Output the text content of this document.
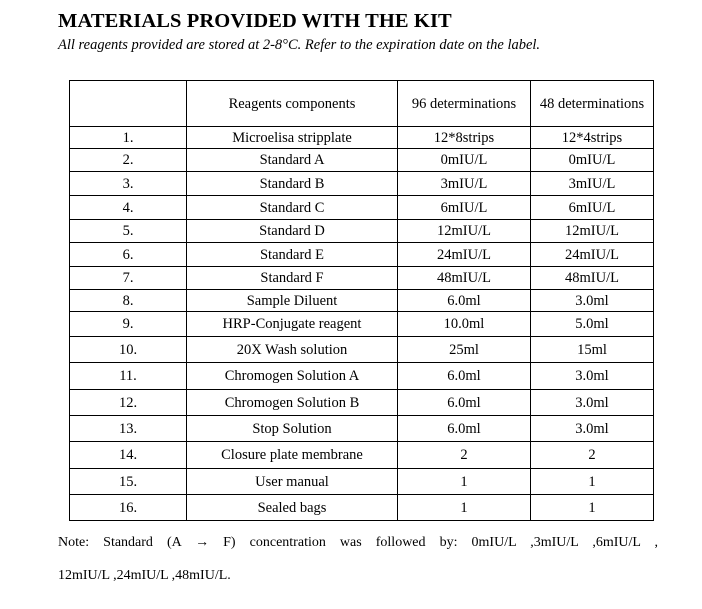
MATERIALS PROVIDED WITH THE KIT

All reagents provided are stored at 2-8°C. Refer to the expiration date on the label.

	Reagents components	96 determinations	48 determinations
1.	Microelisa stripplate	12*8strips	12*4strips
2.	Standard A	0mIU/L	0mIU/L
3.	Standard B	3mIU/L	3mIU/L
4.	Standard C	6mIU/L	6mIU/L
5.	Standard D	12mIU/L	12mIU/L
6.	Standard E	24mIU/L	24mIU/L
7.	Standard F	48mIU/L	48mIU/L
8.	Sample Diluent	6.0ml	3.0ml
9.	HRP-Conjugate reagent	10.0ml	5.0ml
10.	20X Wash solution	25ml	15ml
11.	Chromogen Solution A	6.0ml	3.0ml
12.	Chromogen Solution B	6.0ml	3.0ml
13.	Stop Solution	6.0ml	3.0ml
14.	Closure plate membrane	2	2
15.	User manual	1	1
16.	Sealed bags	1	1

Note: Standard (A → F) concentration was followed by: 0mIU/L ,3mIU/L ,6mIU/L ,

12mIU/L ,24mIU/L ,48mIU/L.
